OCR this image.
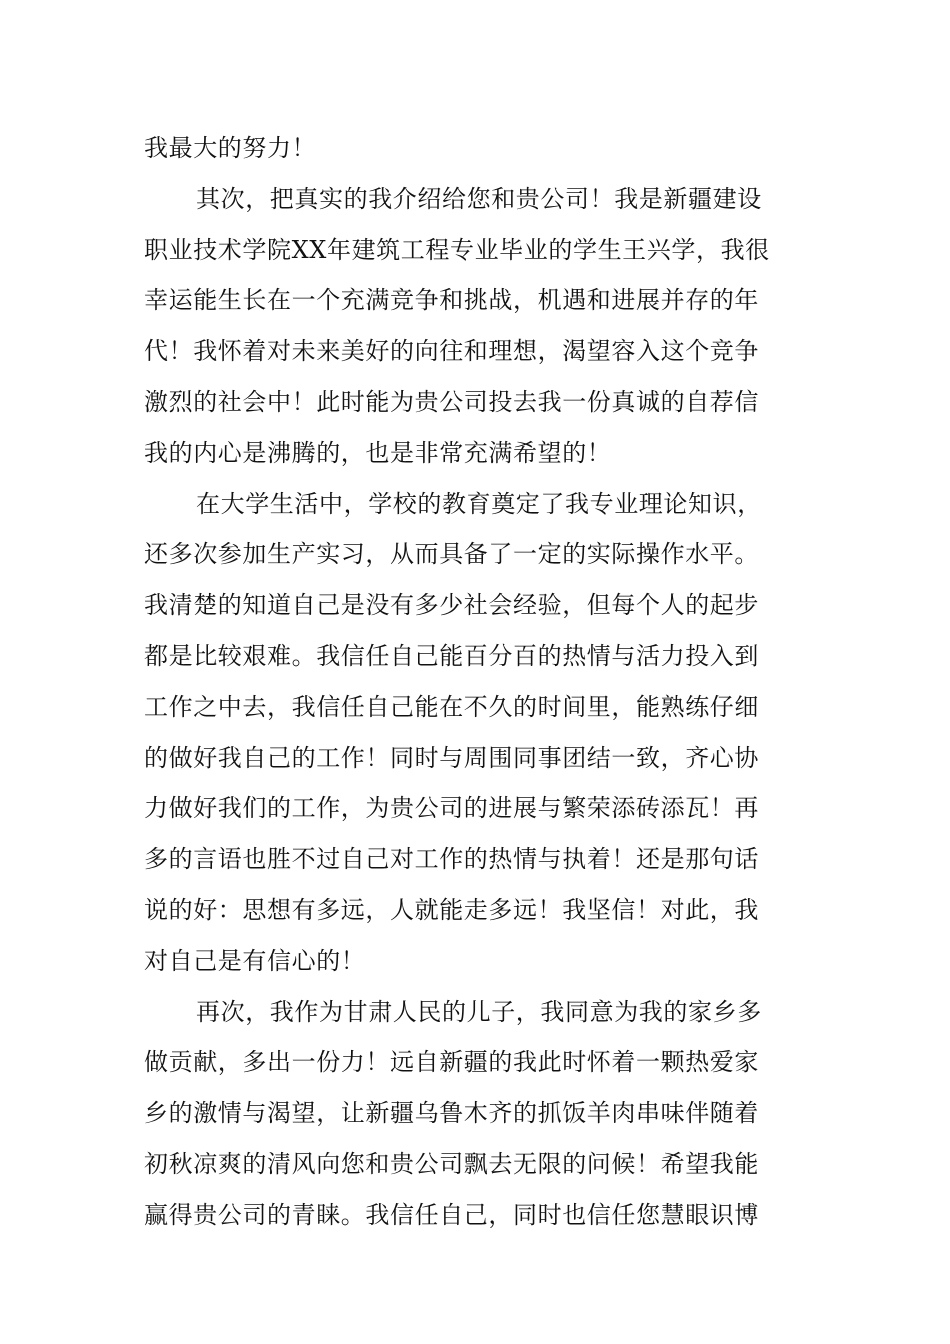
我最大的努力！
其次，把真实的我介绍给您和贵公司！我是新疆建设
职业技术学院XX年建筑工程专业毕业的学生王兴学，我很
幸运能生长在一个充满竞争和挑战，机遇和进展并存的年
代！我怀着对未来美好的向往和理想，渴望容入这个竞争
激烈的社会中！此时能为贵公司投去我一份真诚的自荐信
我的内心是沸腾的，也是非常充满希望的！
在大学生活中，学校的教育奠定了我专业理论知识，
还多次参加生产实习，从而具备了一定的实际操作水平。
我清楚的知道自己是没有多少社会经验，但每个人的起步
都是比较艰难。我信任自己能百分百的热情与活力投入到
工作之中去，我信任自己能在不久的时间里，能熟练仔细
的做好我自己的工作！同时与周围同事团结一致，齐心协
力做好我们的工作，为贵公司的进展与繁荣添砖添瓦！再
多的言语也胜不过自己对工作的热情与执着！还是那句话
说的好：思想有多远，人就能走多远！我坚信！对此，我
对自己是有信心的！
再次，我作为甘肃人民的儿子，我同意为我的家乡多
做贡献，多出一份力！远自新疆的我此时怀着一颗热爱家
乡的激情与渴望，让新疆乌鲁木齐的抓饭羊肉串味伴随着
初秋凉爽的清风向您和贵公司飘去无限的问候！希望我能
赢得贵公司的青睐。我信任自己，同时也信任您慧眼识博
